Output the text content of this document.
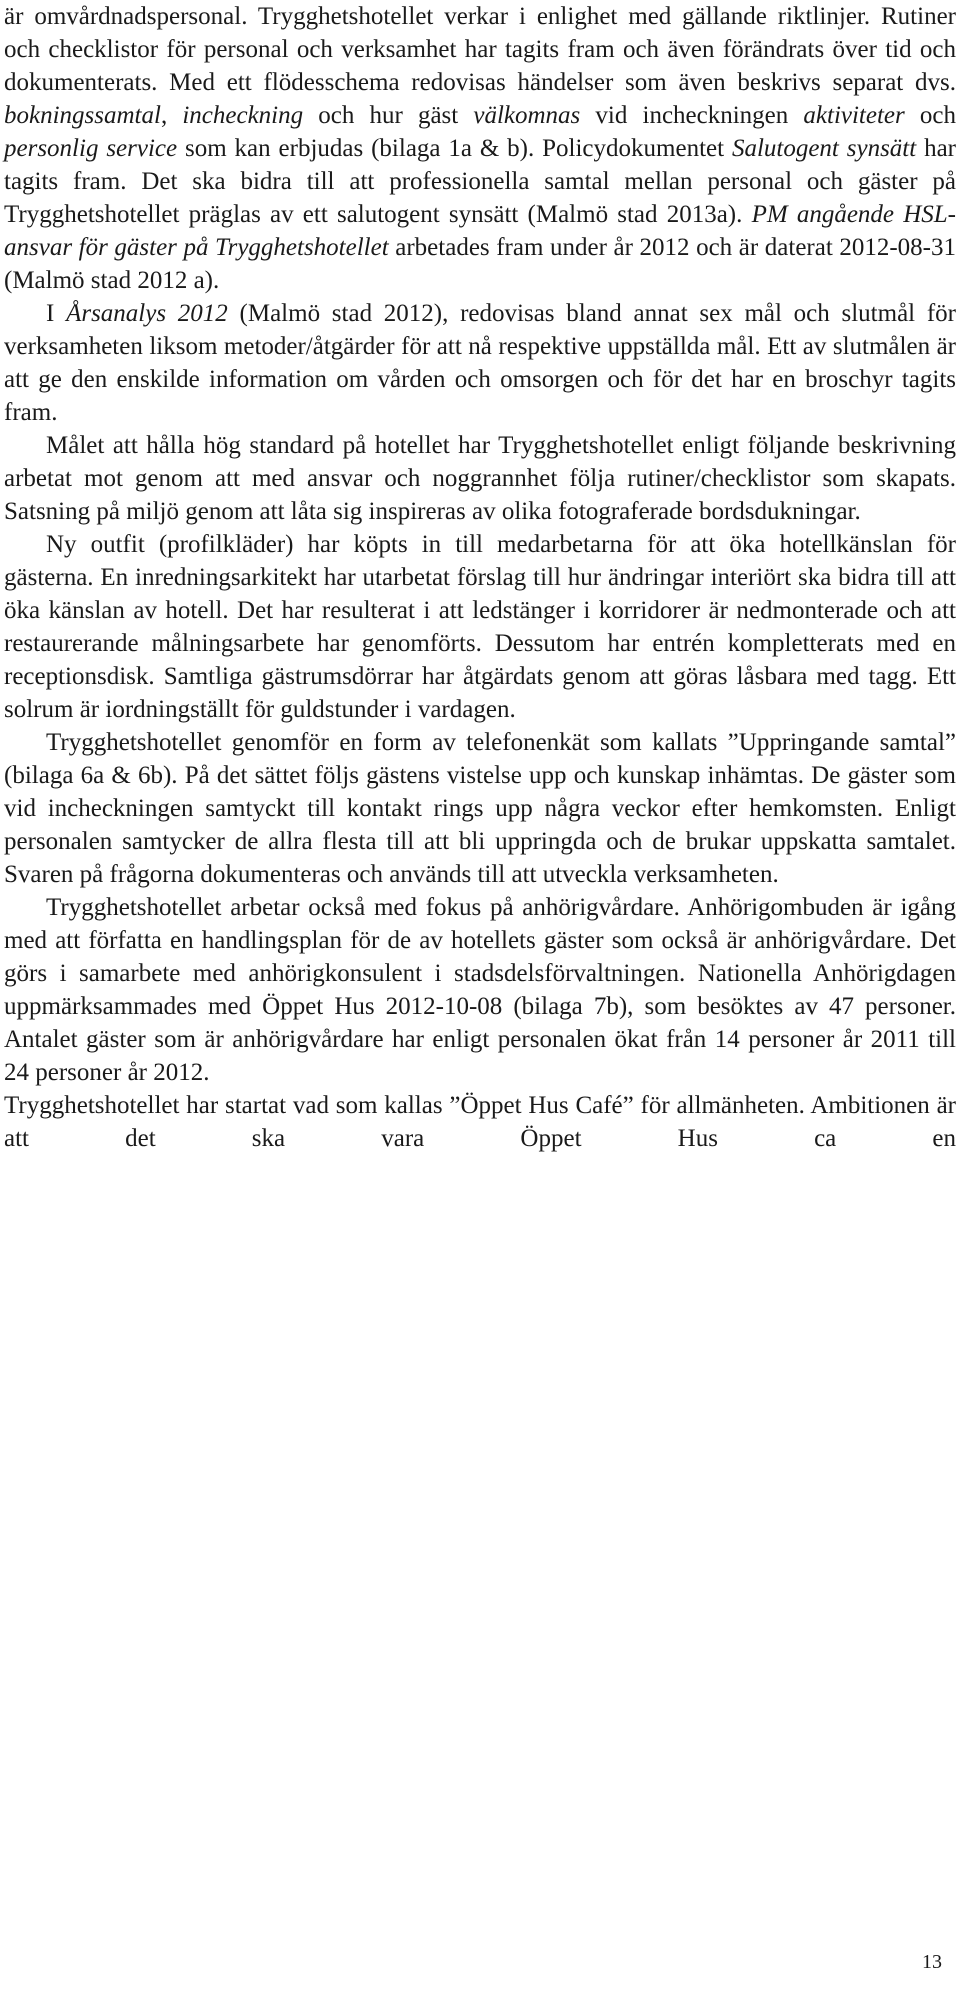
är omvårdnadspersonal. Trygghetshotellet verkar i enlighet med gällande riktlinjer. Rutiner och checklistor för personal och verksamhet har tagits fram och även förändrats över tid och dokumenterats. Med ett flödesschema redovisas händelser som även beskrivs separat dvs. bokningssamtal, incheckning och hur gäst välkomnas vid incheckningen aktiviteter och personlig service som kan erbjudas (bilaga 1a & b). Policydokumentet Salutogent synsätt har tagits fram. Det ska bidra till att professionella samtal mellan personal och gäster på Trygghetshotellet präglas av ett salutogent synsätt (Malmö stad 2013a). PM angående HSL-ansvar för gäster på Trygghetshotellet arbetades fram under år 2012 och är daterat 2012-08-31 (Malmö stad 2012 a).

I Årsanalys 2012 (Malmö stad 2012), redovisas bland annat sex mål och slutmål för verksamheten liksom metoder/åtgärder för att nå respektive uppställda mål. Ett av slutmålen är att ge den enskilde information om vården och omsorgen och för det har en broschyr tagits fram.

Målet att hålla hög standard på hotellet har Trygghetshotellet enligt följande beskrivning arbetat mot genom att med ansvar och noggrannhet följa rutiner/checklistor som skapats. Satsning på miljö genom att låta sig inspireras av olika fotograferade bordsdukningar.

Ny outfit (profilkläder) har köpts in till medarbetarna för att öka hotellkänslan för gästerna. En inredningsarkitekt har utarbetat förslag till hur ändringar interiört ska bidra till att öka känslan av hotell. Det har resulterat i att ledstänger i korridorer är nedmonterade och att restaurerande målningsarbete har genomförts. Dessutom har entrén kompletterats med en receptionsdisk. Samtliga gästrumsdörrar har åtgärdats genom att göras låsbara med tagg. Ett solrum är iordningställt för guldstunder i vardagen.

Trygghetshotellet genomför en form av telefonenkät som kallats ”Uppringande samtal” (bilaga 6a & 6b). På det sättet följs gästens vistelse upp och kunskap inhämtas. De gäster som vid incheckningen samtyckt till kontakt rings upp några veckor efter hemkomsten. Enligt personalen samtycker de allra flesta till att bli uppringda och de brukar uppskatta samtalet. Svaren på frågorna dokumenteras och används till att utveckla verksamheten.

Trygghetshotellet arbetar också med fokus på anhörigvårdare. Anhörigombuden är igång med att författa en handlingsplan för de av hotellets gäster som också är anhörigvårdare. Det görs i samarbete med anhörigkonsulent i stadsdelsförvaltningen. Nationella Anhörigdagen uppmärksammades med Öppet Hus 2012-10-08 (bilaga 7b), som besöktes av 47 personer. Antalet gäster som är anhörigvårdare har enligt personalen ökat från 14 personer år 2011 till 24 personer år 2012.

Trygghetshotellet har startat vad som kallas ”Öppet Hus Café” för allmänheten. Ambitionen är att det ska vara Öppet Hus ca en

13
